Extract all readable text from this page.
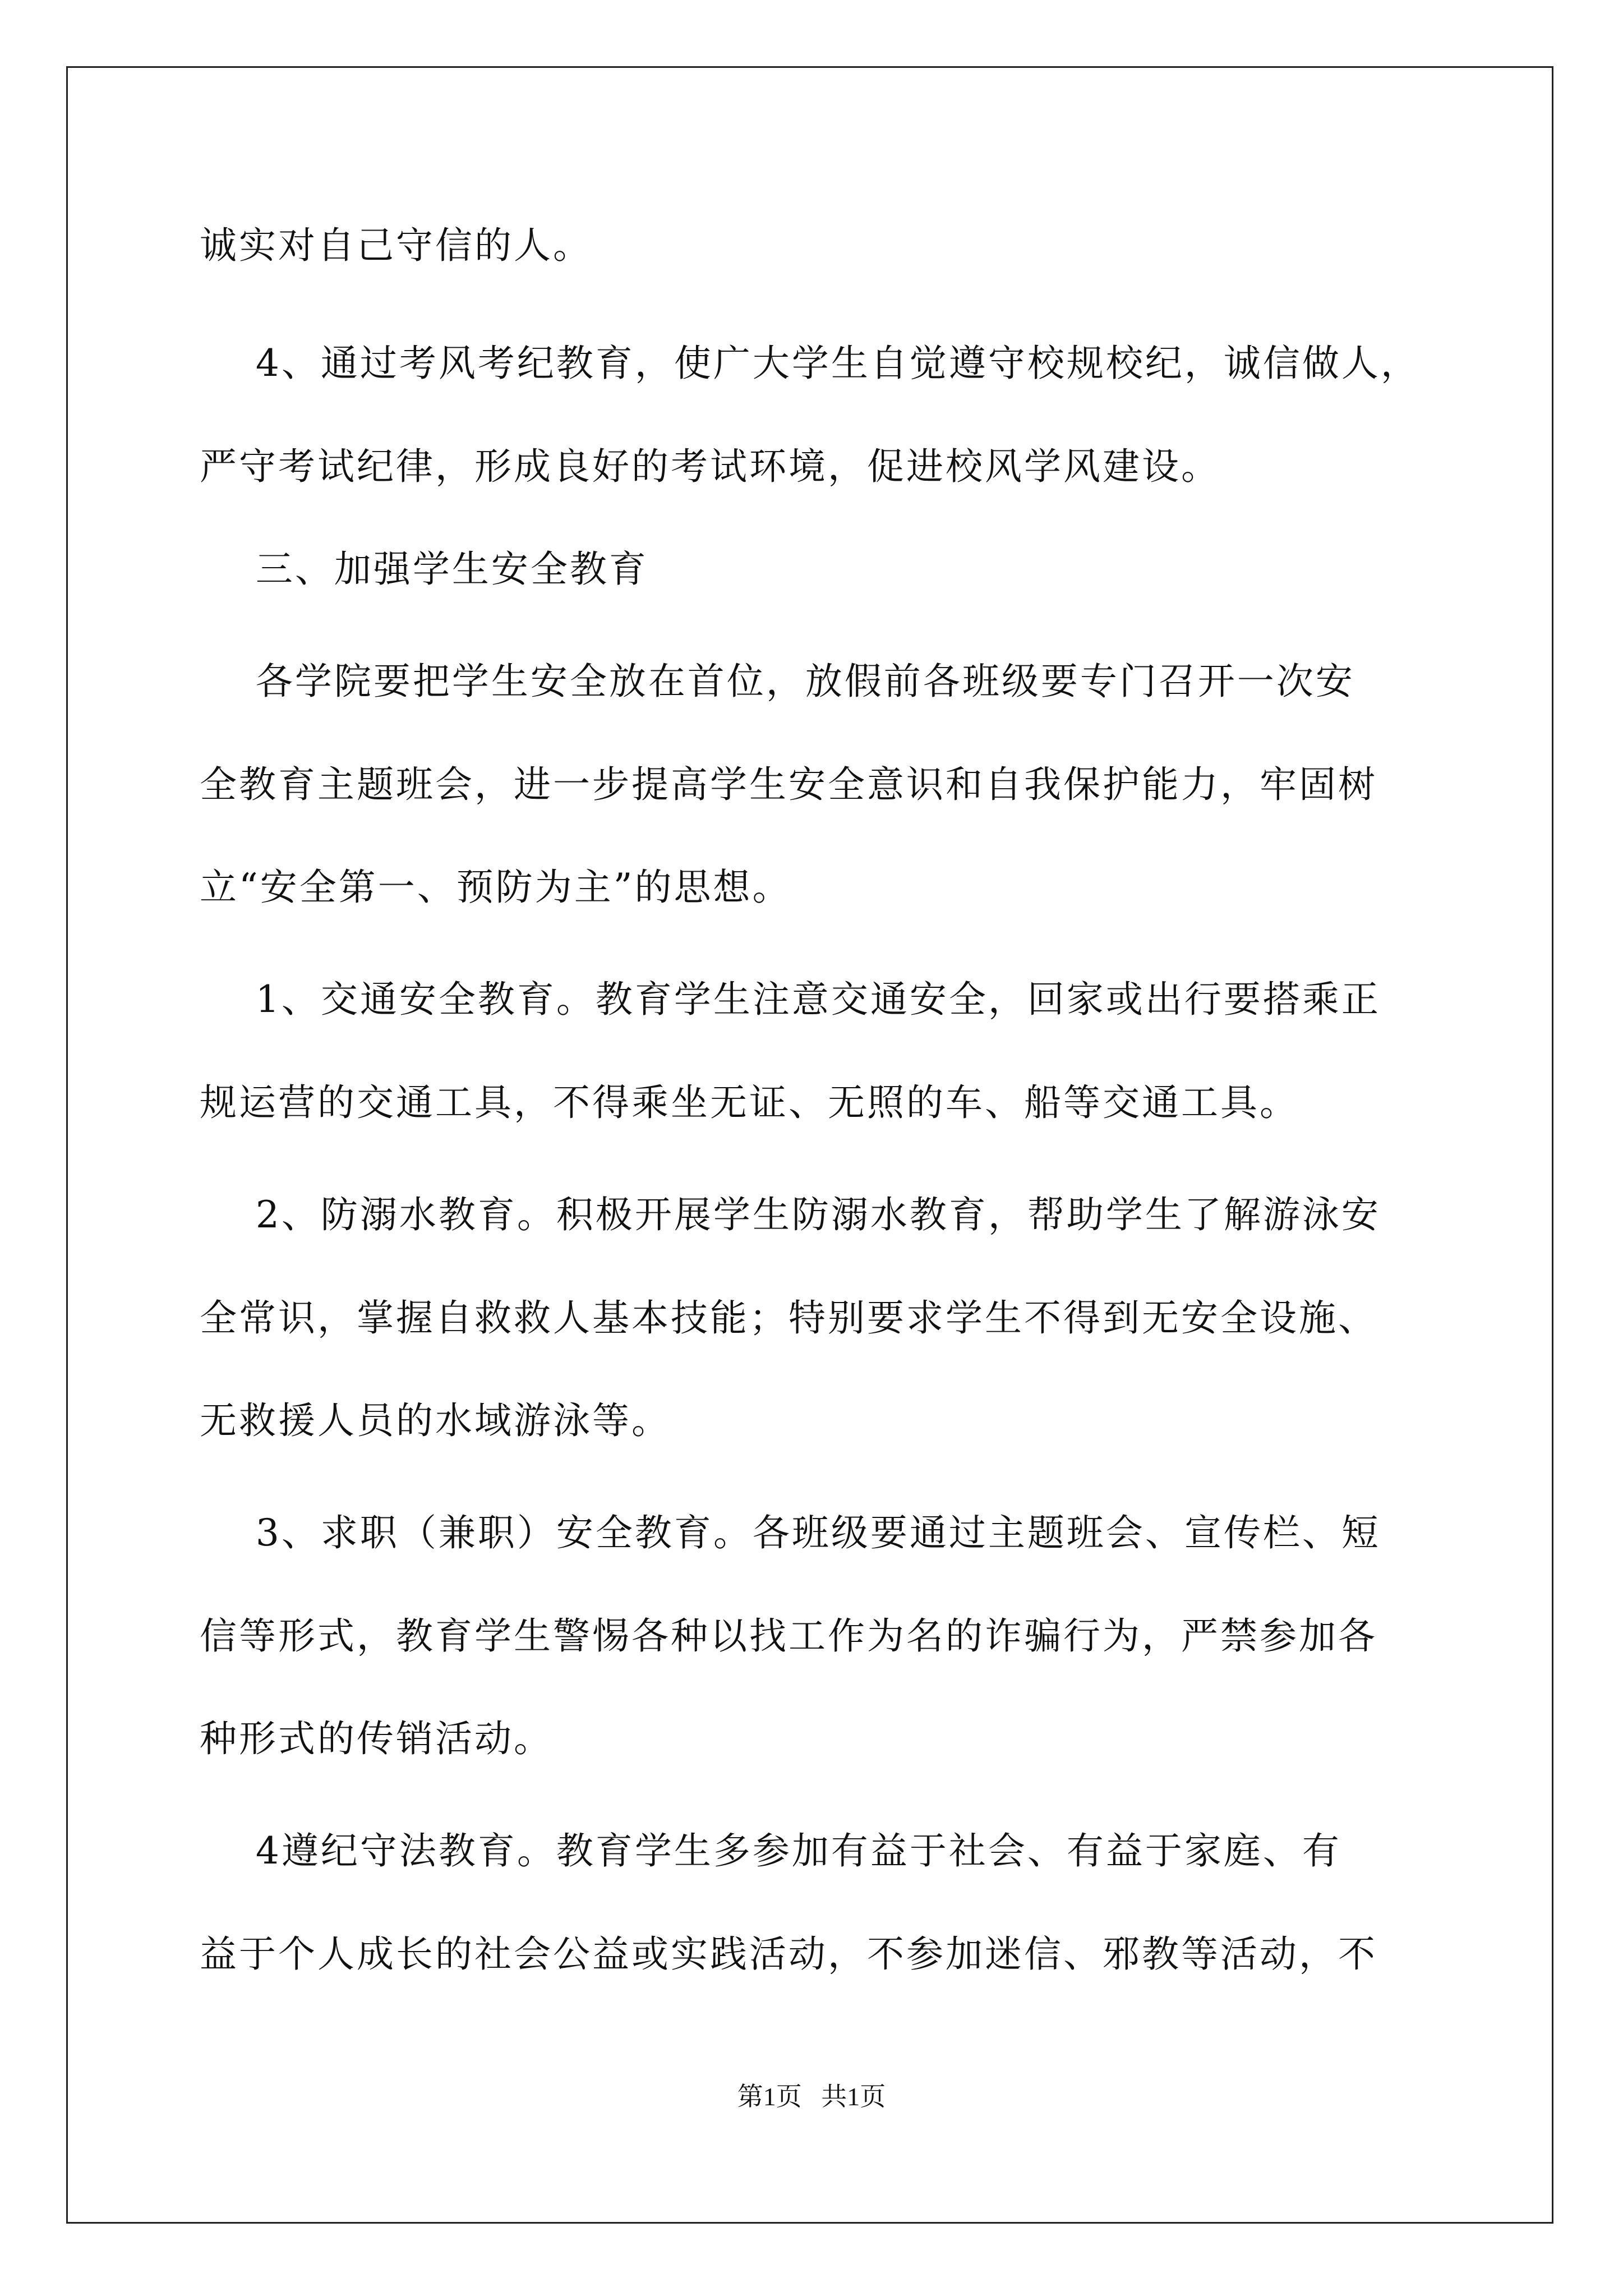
诚实对自己守信的人。

4、通过考风考纪教育，使广大学生自觉遵守校规校纪，诚信做人，

严守考试纪律，形成良好的考试环境，促进校风学风建设。

三、加强学生安全教育

各学院要把学生安全放在首位，放假前各班级要专门召开一次安

全教育主题班会，进一步提高学生安全意识和自我保护能力，牢固树

立“安全第一、预防为主”的思想。

1、交通安全教育。教育学生注意交通安全，回家或出行要搭乘正

规运营的交通工具，不得乘坐无证、无照的车、船等交通工具。

2、防溺水教育。积极开展学生防溺水教育，帮助学生了解游泳安

全常识，掌握自救救人基本技能；特别要求学生不得到无安全设施、

无救援人员的水域游泳等。

3、求职（兼职）安全教育。各班级要通过主题班会、宣传栏、短

信等形式，教育学生警惕各种以找工作为名的诈骗行为，严禁参加各

种形式的传销活动。

4遵纪守法教育。教育学生多参加有益于社会、有益于家庭、有

益于个人成长的社会公益或实践活动，不参加迷信、邪教等活动，不

第1页   共1页
